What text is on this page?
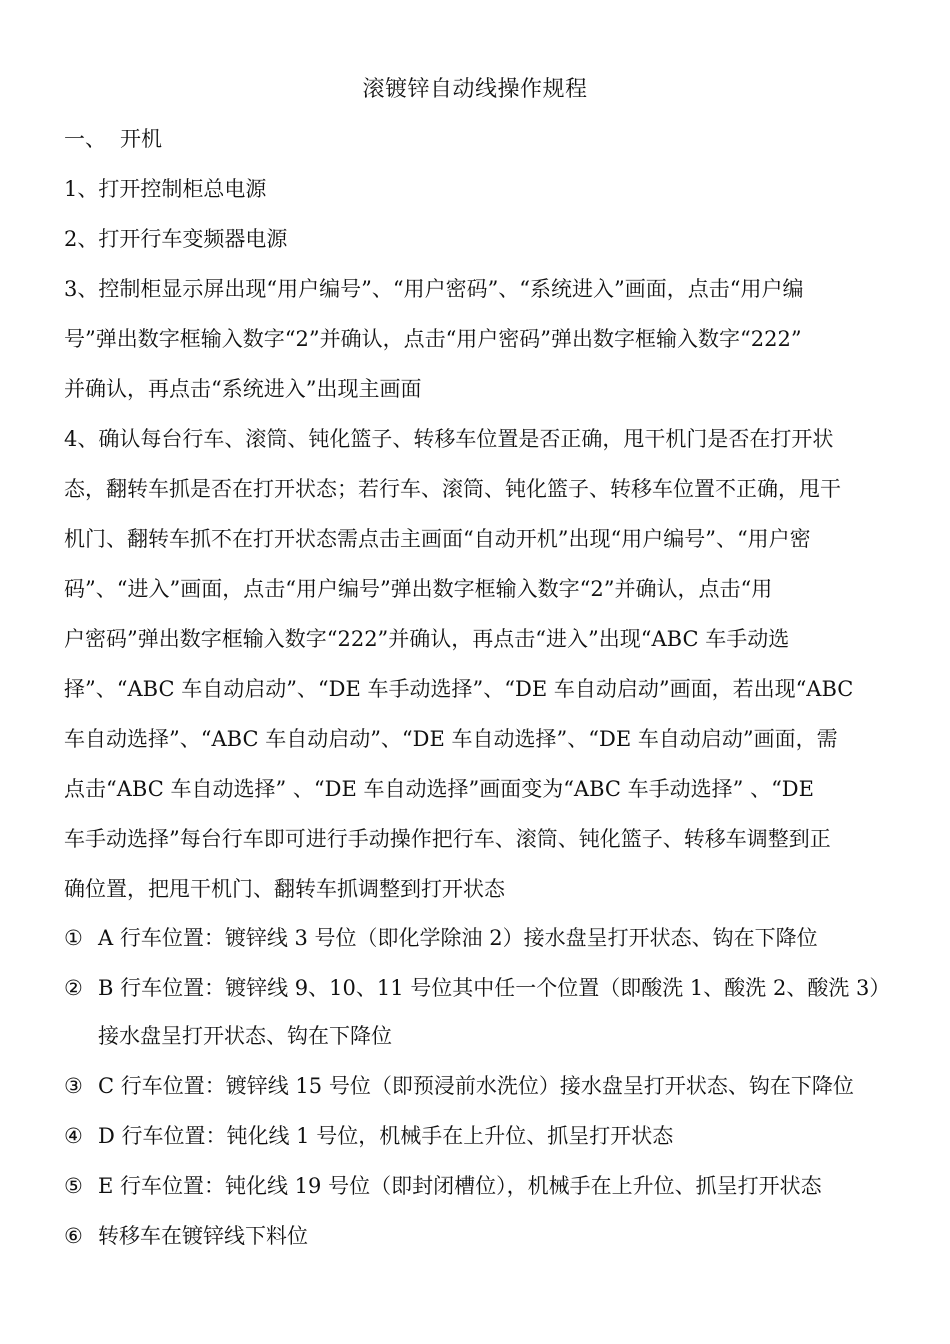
滚镀锌自动线操作规程
一、 开机
1、打开控制柜总电源
2、打开行车变频器电源
3、控制柜显示屏出现“用户编号”、“用户密码”、“系统进入”画面，点击“用户编
号”弹出数字框输入数字“2”并确认，点击“用户密码”弹出数字框输入数字“222”
并确认，再点击“系统进入”出现主画面
4、确认每台行车、滚筒、钝化篮子、转移车位置是否正确，甩干机门是否在打开状
态，翻转车抓是否在打开状态；若行车、滚筒、钝化篮子、转移车位置不正确，甩干
机门、翻转车抓不在打开状态需点击主画面“自动开机”出现“用户编号”、“用户密
码”、“进入”画面，点击“用户编号”弹出数字框输入数字“2”并确认，点击“用
户密码”弹出数字框输入数字“222”并确认，再点击“进入”出现“ABC 车手动选
择”、“ABC 车自动启动”、“DE 车手动选择”、“DE 车自动启动”画面，若出现“ABC
车自动选择”、“ABC 车自动启动”、“DE 车自动选择”、“DE 车自动启动”画面，需
点击“ABC 车自动选择” 、“DE 车自动选择”画面变为“ABC 车手动选择” 、“DE
车手动选择”每台行车即可进行手动操作把行车、滚筒、钝化篮子、转移车调整到正
确位置，把甩干机门、翻转车抓调整到打开状态
① A 行车位置：镀锌线 3 号位（即化学除油 2）接水盘呈打开状态、钩在下降位
② B 行车位置：镀锌线 9、10、11 号位其中任一个位置（即酸洗 1、酸洗 2、酸洗 3）
接水盘呈打开状态、钩在下降位
③ C 行车位置：镀锌线 15 号位（即预浸前水洗位）接水盘呈打开状态、钩在下降位
④ D 行车位置：钝化线 1 号位，机械手在上升位、抓呈打开状态
⑤ E 行车位置：钝化线 19 号位（即封闭槽位），机械手在上升位、抓呈打开状态
⑥ 转移车在镀锌线下料位
